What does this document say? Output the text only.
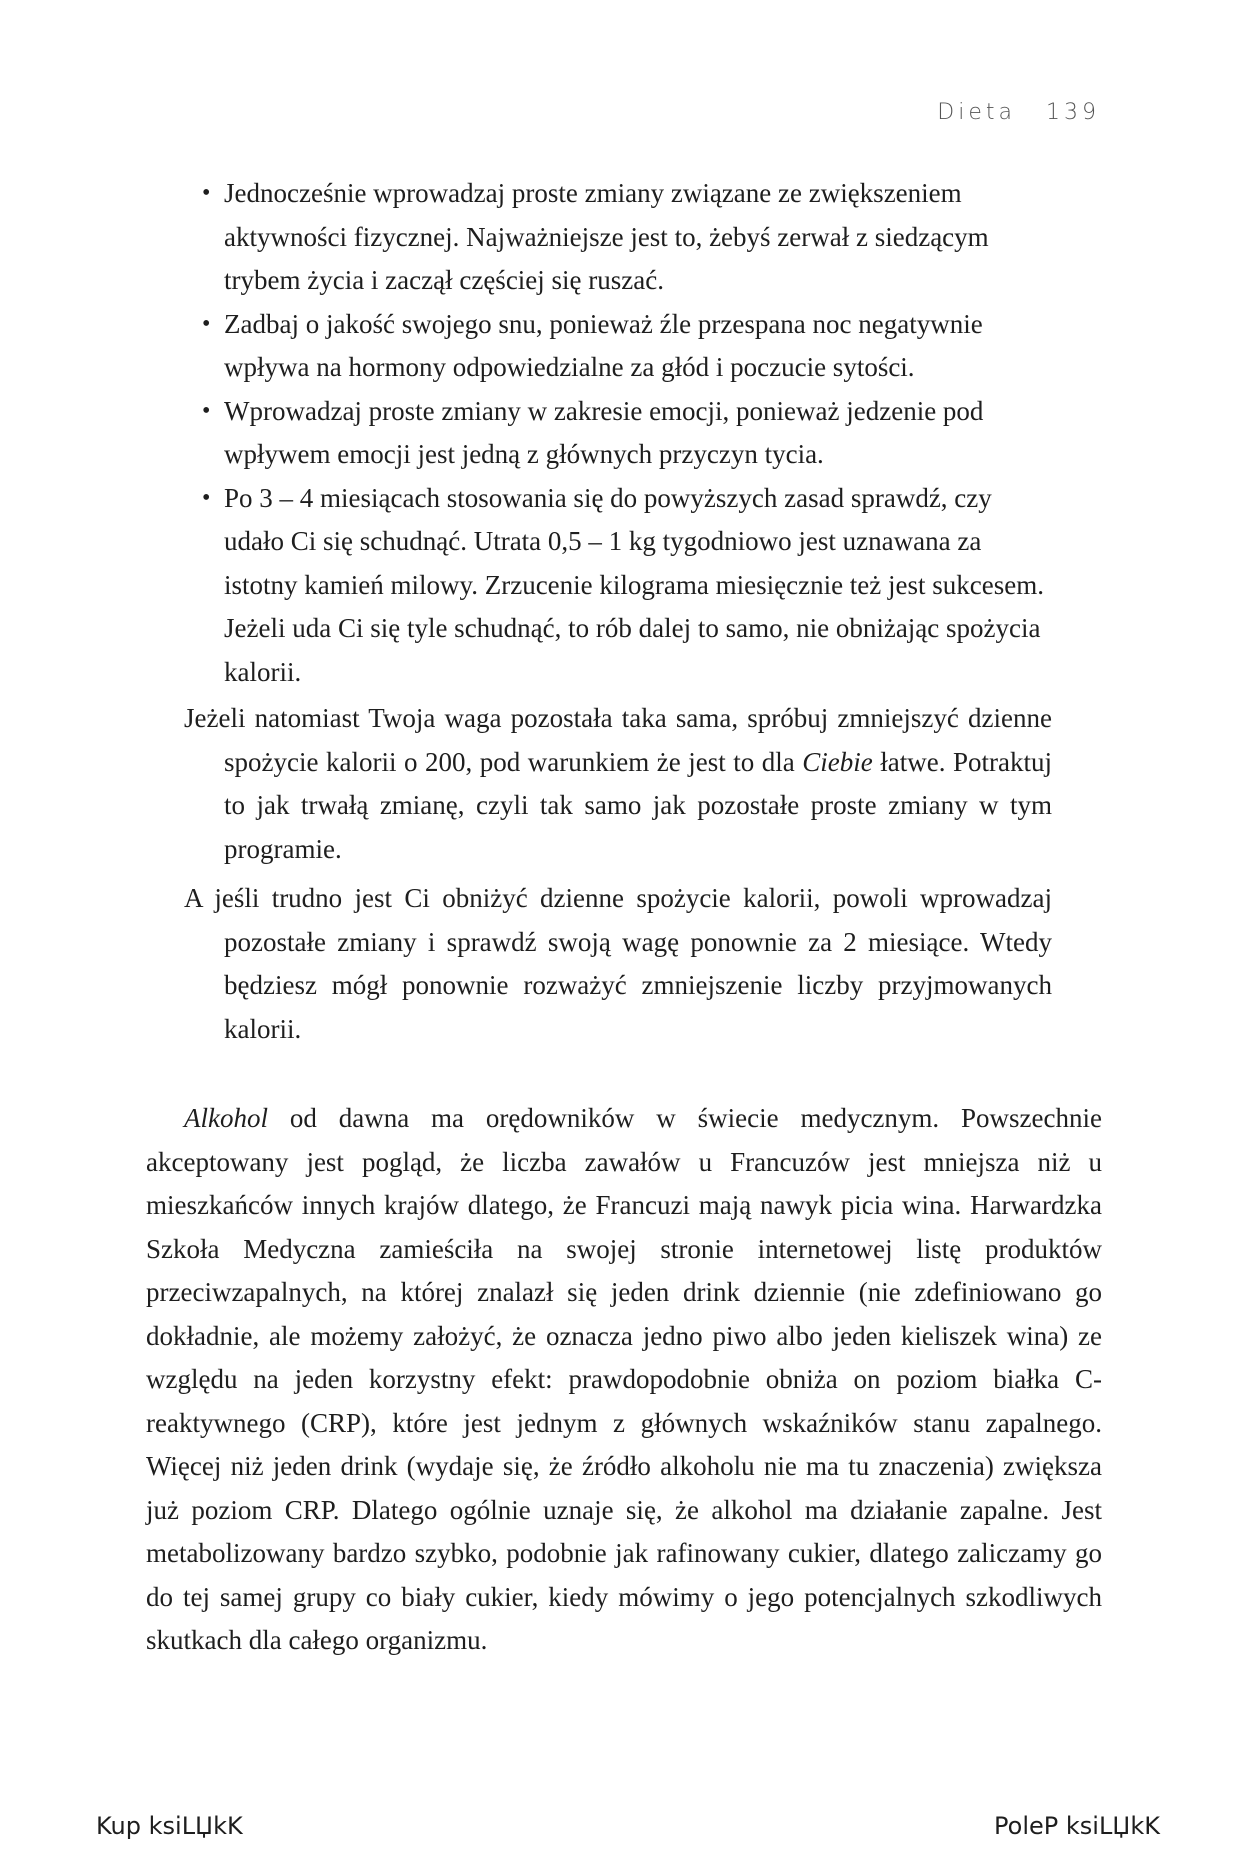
Dieta 139
• Jednocześnie wprowadzaj proste zmiany związane ze zwiększeniem aktywności fizycznej. Najważniejsze jest to, żebyś zerwał z siedzącym trybem życia i zaczął częściej się ruszać.
• Zadbaj o jakość swojego snu, ponieważ źle przespana noc negatywnie wpływa na hormony odpowiedzialne za głód i poczucie sytości.
• Wprowadzaj proste zmiany w zakresie emocji, ponieważ jedzenie pod wpływem emocji jest jedną z głównych przyczyn tycia.
• Po 3 – 4 miesiącach stosowania się do powyższych zasad sprawdź, czy udało Ci się schudnąć. Utrata 0,5 – 1 kg tygodniowo jest uznawana za istotny kamień milowy. Zrzucenie kilograma miesięcznie też jest sukcesem. Jeżeli uda Ci się tyle schudnąć, to rób dalej to samo, nie obniżając spożycia kalorii.

Jeżeli natomiast Twoja waga pozostała taka sama, spróbuj zmniejszyć dzienne spożycie kalorii o 200, pod warunkiem że jest to dla Ciebie łatwe. Potraktuj to jak trwałą zmianę, czyli tak samo jak pozostałe proste zmiany w tym programie.

A jeśli trudno jest Ci obniżyć dzienne spożycie kalorii, powoli wprowadzaj pozostałe zmiany i sprawdź swoją wagę ponownie za 2 miesiące. Wtedy będziesz mógł ponownie rozważyć zmniejszenie liczby przyjmowanych kalorii.

Alkohol od dawna ma orędowników w świecie medycznym. Powszechnie akceptowany jest pogląd, że liczba zawałów u Francuzów jest mniejsza niż u mieszkańców innych krajów dlatego, że Francuzi mają nawyk picia wina. Harwardzka Szkoła Medyczna zamieściła na swojej stronie internetowej listę produktów przeciwzapalnych, na której znalazł się jeden drink dziennie (nie zdefiniowano go dokładnie, ale możemy założyć, że oznacza jedno piwo albo jeden kieliszek wina) ze względu na jeden korzystny efekt: prawdopodobnie obniża on poziom białka C-reaktywnego (CRP), które jest jednym z głównych wskaźników stanu zapalnego. Więcej niż jeden drink (wydaje się, że źródło alkoholu nie ma tu znaczenia) zwiększa już poziom CRP. Dlatego ogólnie uznaje się, że alkohol ma działanie zapalne. Jest metabolizowany bardzo szybko, podobnie jak rafinowany cukier, dlatego zaliczamy go do tej samej grupy co biały cukier, kiedy mówimy o jego potencjalnych szkodliwych skutkach dla całego organizmu.

Kup ksiLЏkK	PoleP ksiLЏkK
